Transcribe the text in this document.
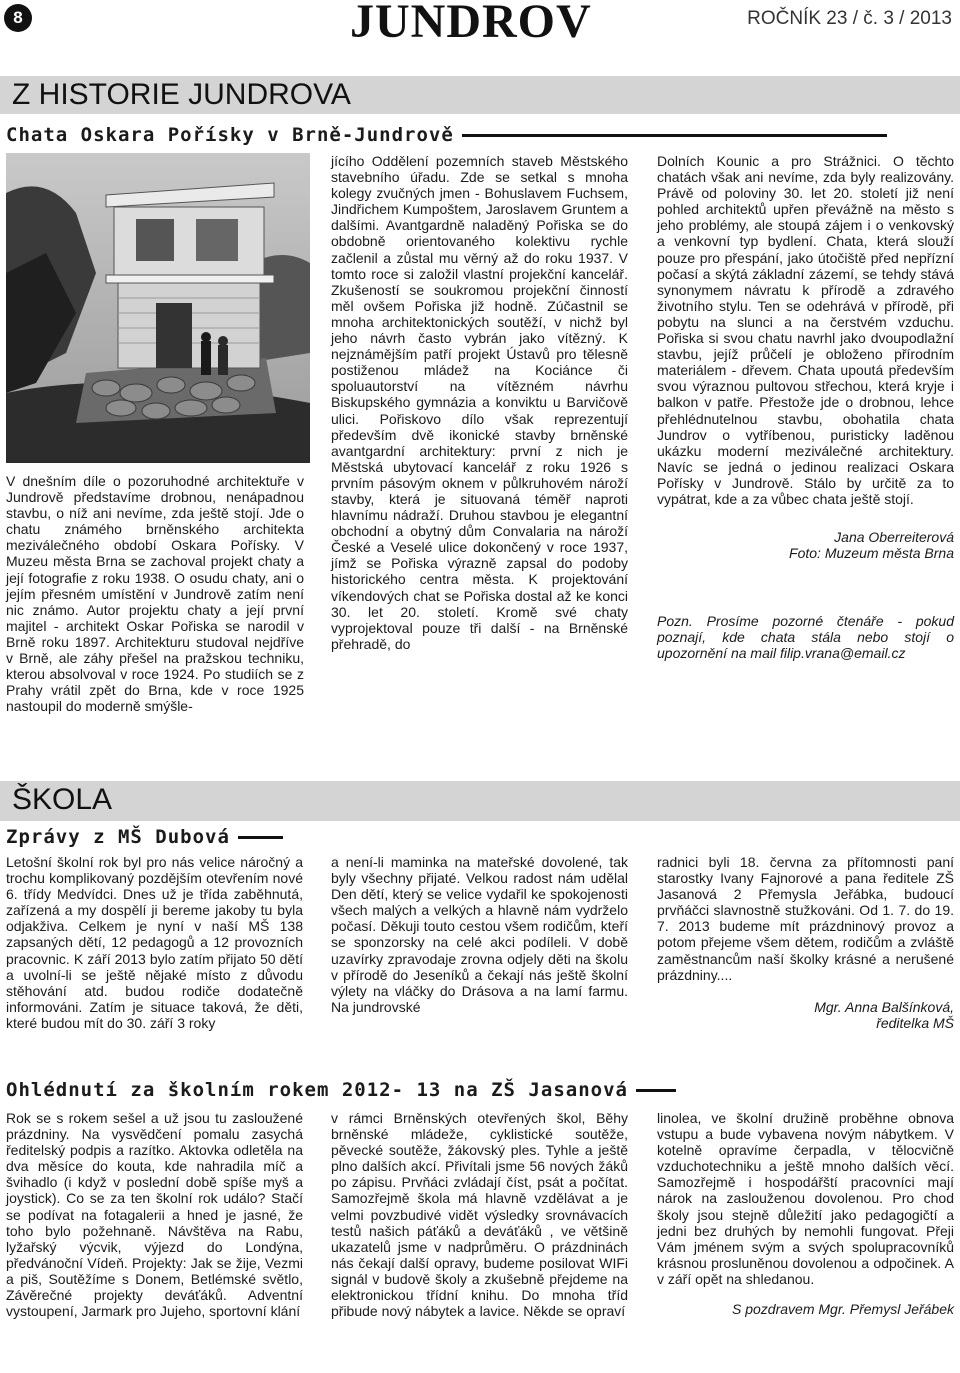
8	JUNDROV	ROČNÍK 23 / č. 3 / 2013
Z HISTORIE JUNDROVA
Chata Oskara Pořísky v Brně-Jundrově

V dnešním díle o pozoruhodné architektuře v Jundrově představíme drobnou, nenápadnou stavbu, o níž ani nevíme, zda ještě stojí. Jde o chatu známého brněnského architekta meziválečného období Oskara Pořísky. V Muzeu města Brna se zachoval projekt chaty a její fotografie z roku 1938. O osudu chaty, ani o jejím přesném umístění v Jundrově zatím není nic známo. Autor projektu chaty a její první majitel - architekt Oskar Pořiska se narodil v Brně roku 1897. Architekturu studoval nejdříve v Brně, ale záhy přešel na pražskou techniku, kterou absolvoval v roce 1924. Po studiích se z Prahy vrátil zpět do Brna, kde v roce 1925 nastoupil do moderně smýšle-

jícího Oddělení pozemních staveb Městského stavebního úřadu. Zde se setkal s mnoha kolegy zvučných jmen - Bohuslavem Fuchsem, Jindřichem Kumpoštem, Jaroslavem Gruntem a dalšími. Avantgardně naladěný Pořiska se do obdobně orientovaného kolektivu rychle začlenil a zůstal mu věrný až do roku 1937. V tomto roce si založil vlastní projekční kancelář. Zkušeností se soukromou projekční činností měl ovšem Pořiska již hodně. Zúčastnil se mnoha architektonických soutěží, v nichž byl jeho návrh často vybrán jako vítězný. K nejznámějším patří projekt Ústavů pro tělesně postiženou mládež na Kociánce či spoluautorství na vítězném návrhu Biskupského gymnázia a konviktu u Barvičově ulici. Pořiskovo dílo však reprezentují především dvě ikonické stavby brněnské avantgardní architektury: první z nich je Městská ubytovací kancelář z roku 1926 s prvním pásovým oknem v půlkruhovém nároží stavby, která je situovaná téměř naproti hlavnímu nádraží. Druhou stavbou je elegantní obchodní a obytný dům Convalaria na nároží České a Veselé ulice dokončený v roce 1937, jímž se Pořiska výrazně zapsal do podoby historického centra města. K projektování víkendových chat se Pořiska dostal až ke konci 30. let 20. století. Kromě své chaty vyprojektoval pouze tři další - na Brněnské přehradě, do

Dolních Kounic a pro Strážnici. O těchto chatách však ani nevíme, zda byly realizovány. Právě od poloviny 30. let 20. století již není pohled architektů upřen převážně na město s jeho problémy, ale stoupá zájem i o venkovský a venkovní typ bydlení. Chata, která slouží pouze pro přespání, jako útočiště před nepřízní počasí a skýtá základní zázemí, se tehdy stává synonymem návratu k přírodě a zdravého životního stylu. Ten se odehrává v přírodě, při pobytu na slunci a na čerstvém vzduchu. Pořiska si svou chatu navrhl jako dvoupodlažní stavbu, jejíž průčelí je obloženo přírodním materiálem - dřevem. Chata upoutá především svou výraznou pultovou střechou, která kryje i balkon v patře. Přestože jde o drobnou, lehce přehlédnutelnou stavbu, obohatila chata Jundrov o vytříbenou, puristicky laděnou ukázku moderní meziválečné architektury. Navíc se jedná o jedinou realizaci Oskara Pořísky v Jundrově. Stálo by určitě za to vypátrat, kde a za vůbec chata ještě stojí.

Jana Oberreiterová

Foto: Muzeum města Brna

Pozn. Prosíme pozorné čtenáře - pokud poznají, kde chata stála nebo stojí o upozornění na mail filip.vrana@email.cz

ŠKOLA
Zprávy z MŠ Dubová

Letošní školní rok byl pro nás velice náročný a trochu komplikovaný pozdějším otevřením nové 6. třídy Medvídci. Dnes už je třída zaběhnutá, zařízená a my dospělí ji bereme jakoby tu byla odjakživa. Celkem je nyní v naší MŠ 138 zapsaných dětí, 12 pedagogů a 12 provozních pracovnic. K září 2013 bylo zatím přijato 50 dětí a uvolní-li se ještě nějaké místo z důvodu stěhování atd. budou rodiče dodatečně informováni. Zatím je situace taková, že děti, které budou mít do 30. září 3 roky

a není-li maminka na mateřské dovolené, tak byly všechny přijaté. Velkou radost nám udělal Den dětí, který se velice vydařil ke spokojenosti všech malých a velkých a hlavně nám vydrželo počasí. Děkuji touto cestou všem rodičům, kteří se sponzorsky na celé akci podíleli. V době uzavírky zpravodaje zrovna odjely děti na školu v přírodě do Jeseníků a čekají nás ještě školní výlety na vláčky do Drásova a na lamí farmu. Na jundrovské

radnici byli 18. června za přítomnosti paní starostky Ivany Fajnorové a pana ředitele ZŠ Jasanová 2 Přemysla Jeřábka, budoucí prvňáčci slavnostně stužkováni. Od 1. 7. do 19. 7. 2013 budeme mít prázdninový provoz a potom přejeme všem dětem, rodičům a zvláště zaměstnancům naší školky krásné a nerušené prázdniny....

Mgr. Anna Balšínková,

ředitelka MŠ

Ohlédnutí za školním rokem 2012- 13 na ZŠ Jasanová

Rok se s rokem sešel a už jsou tu zasloužené prázdniny. Na vysvědčení pomalu zasychá ředitelský podpis a razítko. Aktovka odletěla na dva měsíce do kouta, kde nahradila míč a švihadlo (i když v poslední době spíše myš a joystick). Co se za ten školní rok událo? Stačí se podívat na fotagalerii a hned je jasné, že toho bylo požehnaně. Návštěva na Rabu, lyžařský výcvik, výjezd do Londýna, předvánoční Vídeň. Projekty: Jak se žije, Vezmi a piš, Soutěžíme s Donem, Betlémské světlo, Závěrečné projekty deváťáků. Adventní vystoupení, Jarmark pro Jujeho, sportovní klání

v rámci Brněnských otevřených škol, Běhy brněnské mládeže, cyklistické soutěže, pěvecké soutěže, žákovský ples. Tyhle a ještě plno dalších akcí. Přivítali jsme 56 nových žáků po zápisu. Prvňáci zvládají číst, psát a počítat. Samozřejmě škola má hlavně vzdělávat a je velmi povzbudivé vidět výsledky srovnávacích testů našich páťáků a deváťáků , ve většině ukazatelů jsme v nadprůměru. O prázdninách nás čekají další opravy, budeme posilovat WIFi signál v budově školy a zkušebně přejdeme na elektronickou třídní knihu. Do mnoha tříd přibude nový nábytek a lavice. Někde se opraví

linolea, ve školní družině proběhne obnova vstupu a bude vybavena novým nábytkem. V kotelně opravíme čerpadla, v tělocvičně vzduchotechniku a ještě mnoho dalších věcí. Samozřejmě i hospodářští pracovníci mají nárok na zaslouženou dovolenou. Pro chod školy jsou stejně důležití jako pedagogičtí a jedni bez druhých by nemohli fungovat. Přeji Vám jménem svým a svých spolupracovníků krásnou prosluněnou dovolenou a odpočinek. A v září opět na shledanou.

S pozdravem Mgr. Přemysl Jeřábek
